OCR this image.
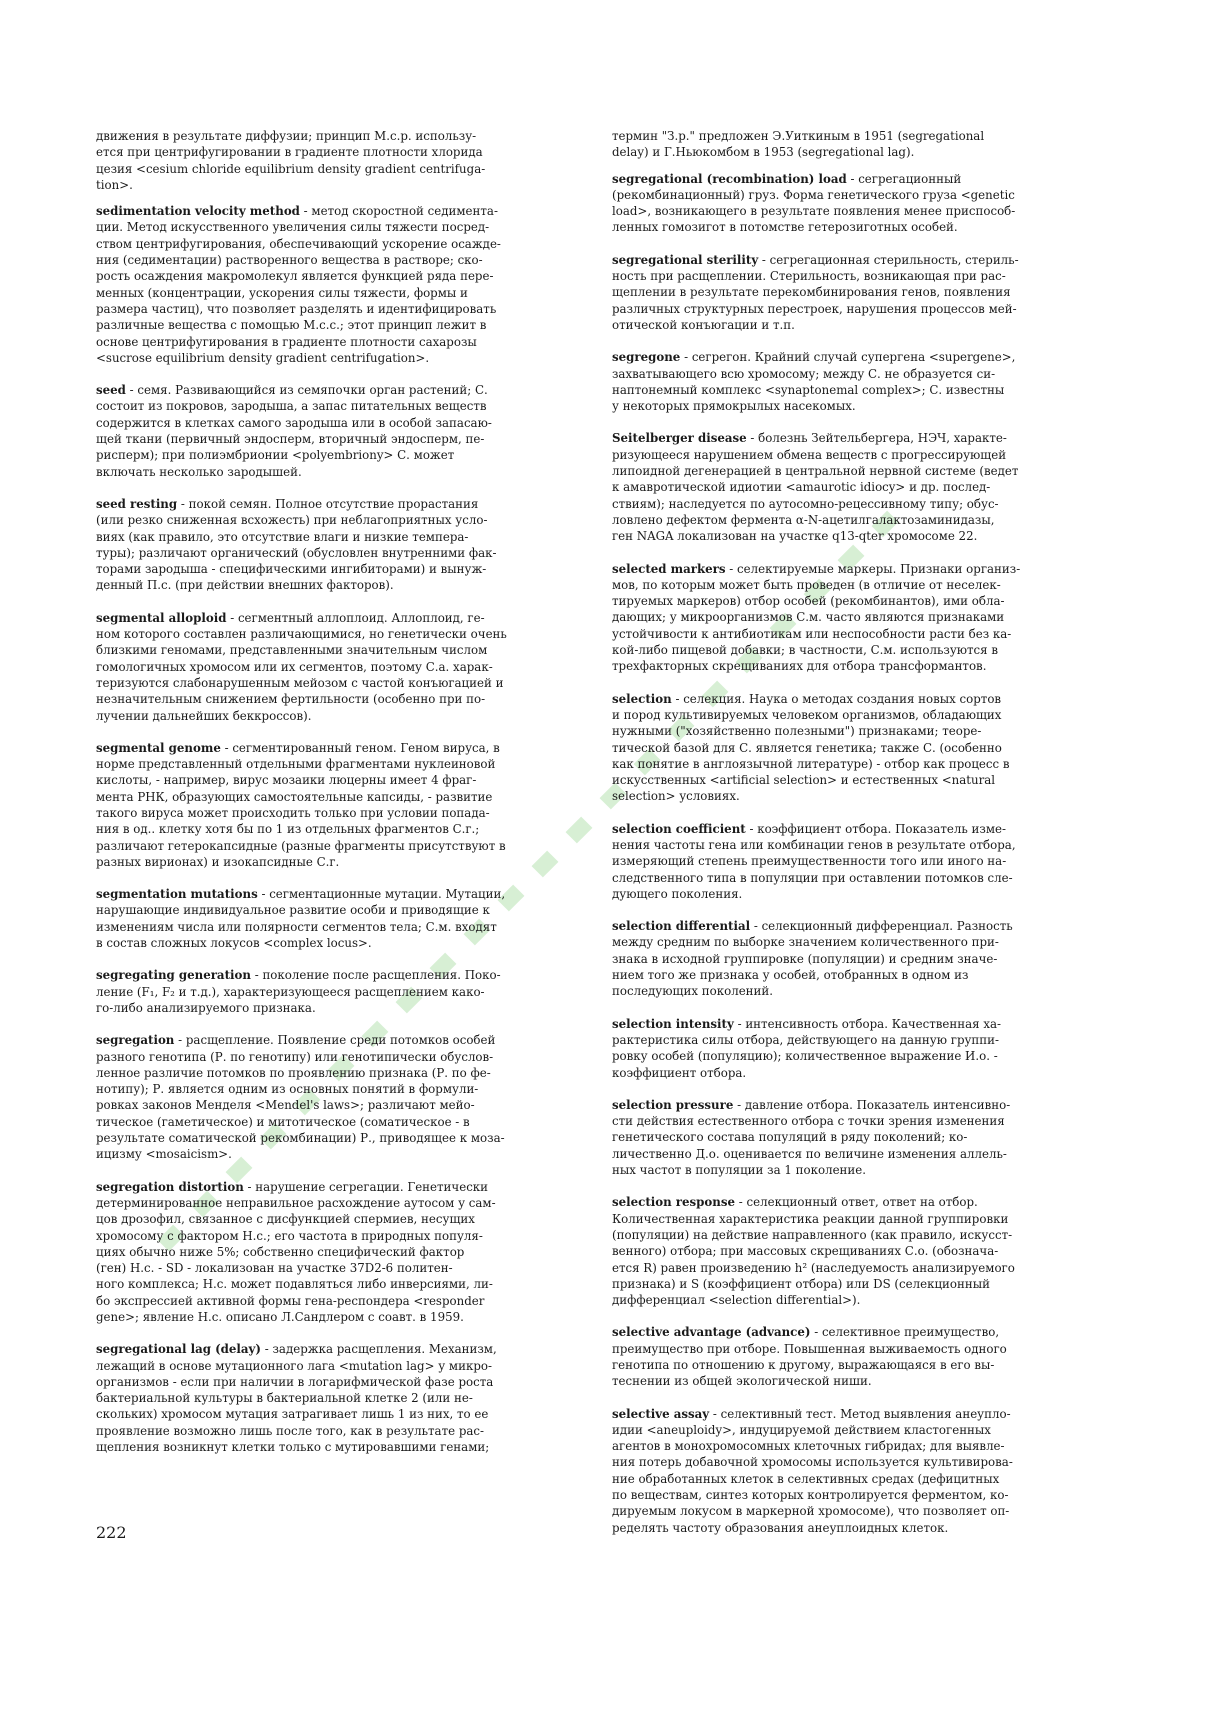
движения в результате диффузии; принцип М.с.р. использу-
ется при центрифугировании в градиенте плотности хлорида
цезия <cesium chloride equilibrium density gradient centrifuga-
tion>.
sedimentation velocity method - метод скоростной седимента-
ции. Метод искусственного увеличения силы тяжести посред-
ством центрифугирования, обеспечивающий ускорение осажде-
ния (седиментации) растворенного вещества в растворе; ско-
рость осаждения макромолекул является функцией ряда пере-
менных (концентрации, ускорения силы тяжести, формы и
размера частиц), что позволяет разделять и идентифицировать
различные вещества с помощью М.с.с.; этот принцип лежит в
основе центрифугирования в градиенте плотности сахарозы
<sucrose equilibrium density gradient centrifugation>.
seed - семя. Развивающийся из семяпочки орган растений; С.
состоит из покровов, зародыша, а запас питательных веществ
содержится в клетках самого зародыша или в особой запасаю-
щей ткани (первичный эндосперм, вторичный эндосперм, пе-
рисперм); при полиэмбрионии <polyembriony> С. может
включать несколько зародышей.
seed resting - покой семян. Полное отсутствие прорастания
(или резко сниженная всхожесть) при неблагоприятных усло-
виях (как правило, это отсутствие влаги и низкие темпера-
туры); различают органический (обусловлен внутренними фак-
торами зародыша - специфическими ингибиторами) и вынуж-
денный П.с. (при действии внешних факторов).
segmental alloploid - сегментный аллоплоид. Аллоплоид, ге-
ном которого составлен различающимися, но генетически очень
близкими геномами, представленными значительным числом
гомологичных хромосом или их сегментов, поэтому С.а. харак-
теризуются слабонарушенным мейозом с частой конъюгацией и
незначительным снижением фертильности (особенно при по-
лучении дальнейших беккроссов).
segmental genome - сегментированный геном. Геном вируса, в
норме представленный отдельными фрагментами нуклеиновой
кислоты, - например, вирус мозаики люцерны имеет 4 фраг-
мента РНК, образующих самостоятельные капсиды, - развитие
такого вируса может происходить только при условии попада-
ния в од.. клетку хотя бы по 1 из отдельных фрагментов С.г.;
различают гетерокапсидные (разные фрагменты присутствуют в
разных вирионах) и изокапсидные С.г.
segmentation mutations - сегментационные мутации. Мутации,
нарушающие индивидуальное развитие особи и приводящие к
изменениям числа или полярности сегментов тела; С.м. входят
в состав сложных локусов <complex locus>.
segregating generation - поколение после расщепления. Поко-
ление (F₁, F₂ и т.д.), характеризующееся расщеплением како-
го-либо анализируемого признака.
segregation - расщепление. Появление среди потомков особей
разного генотипа (Р. по генотипу) или генотипически обуслов-
ленное различие потомков по проявлению признака (Р. по фе-
нотипу); Р. является одним из основных понятий в формули-
ровках законов Менделя <Mendel's laws>; различают мейо-
тическое (гаметическое) и митотическое (соматическое - в
результате соматической рекомбинации) Р., приводящее к моза-
ицизму <mosaicism>.
segregation distortion - нарушение сегрегации. Генетически
детерминированное неправильное расхождение аутосом у сам-
цов дрозофил, связанное с дисфункцией спермиев, несущих
хромосому с фактором Н.с.; его частота в природных популя-
циях обычно ниже 5%; собственно специфический фактор
(ген) Н.с. - SD - локализован на участке 37D2-6 политен-
ного комплекса; Н.с. может подавляться либо инверсиями, ли-
бо экспрессией активной формы гена-респондера <responder
gene>; явление Н.с. описано Л.Сандлером с соавт. в 1959.
segregational lag (delay) - задержка расщепления. Механизм,
лежащий в основе мутационного лага <mutation lag> у микро-
организмов - если при наличии в логарифмической фазе роста
бактериальной культуры в бактериальной клетке 2 (или не-
скольких) хромосом мутация затрагивает лишь 1 из них, то ее
проявление возможно лишь после того, как в результате рас-
щепления возникнут клетки только с мутировавшими генами;
термин "З.р." предложен Э.Уиткиным в 1951 (segregational
delay) и Г.Ньюкомбом в 1953 (segregational lag).
segregational (recombination) load - сегрегационный
(рекомбинационный) груз. Форма генетического груза <genetic
load>, возникающего в результате появления менее приспособ-
ленных гомозигот в потомстве гетерозиготных особей.
segregational sterility - сегрегационная стерильность, стериль-
ность при расщеплении. Стерильность, возникающая при рас-
щеплении в результате перекомбинирования генов, появления
различных структурных перестроек, нарушения процессов мей-
отической конъюгации и т.п.
segregone - сегрегон. Крайний случай супергена <supergene>,
захватывающего всю хромосому; между С. не образуется си-
наптонемный комплекс <synaptonemal complex>; С. известны
у некоторых прямокрылых насекомых.
Seitelberger disease - болезнь Зейтельбергера, НЭЧ, характе-
ризующееся нарушением обмена веществ с прогрессирующей
липоидной дегенерацией в центральной нервной системе (ведет
к амавротической идиотии <amaurotic idiocy> и др. послед-
ствиям); наследуется по аутосомно-рецессивному типу; обус-
ловлено дефектом фермента α-N-ацетилгалактозаминидазы,
ген NAGA локализован на участке q13-qter хромосоме 22.
selected markers - селектируемые маркеры. Признаки организ-
мов, по которым может быть проведен (в отличие от неселек-
тируемых маркеров) отбор особей (рекомбинантов), ими обла-
дающих; у микроорганизмов С.м. часто являются признаками
устойчивости к антибиотикам или неспособности расти без ка-
кой-либо пищевой добавки; в частности, С.м. используются в
трехфакторных скрещиваниях для отбора трансформантов.
selection - селекция. Наука о методах создания новых сортов
и пород культивируемых человеком организмов, обладающих
нужными ("хозяйственно полезными") признаками; теоре-
тической базой для С. является генетика; также С. (особенно
как понятие в англоязычной литературе) - отбор как процесс в
искусственных <artificial selection> и естественных <natural
selection> условиях.
selection coefficient - коэффициент отбора. Показатель изме-
нения частоты гена или комбинации генов в результате отбора,
измеряющий степень преимущественности того или иного на-
следственного типа в популяции при оставлении потомков сле-
дующего поколения.
selection differential - селекционный дифференциал. Разность
между средним по выборке значением количественного при-
знака в исходной группировке (популяции) и средним значе-
нием того же признака у особей, отобранных в одном из
последующих поколений.
selection intensity - интенсивность отбора. Качественная ха-
рактеристика силы отбора, действующего на данную группи-
ровку особей (популяцию); количественное выражение И.о. -
коэффициент отбора.
selection pressure - давление отбора. Показатель интенсивно-
сти действия естественного отбора с точки зрения изменения
генетического состава популяций в ряду поколений; ко-
личественно Д.о. оценивается по величине изменения аллель-
ных частот в популяции за 1 поколение.
selection response - селекционный ответ, ответ на отбор.
Количественная характеристика реакции данной группировки
(популяции) на действие направленного (как правило, искусст-
венного) отбора; при массовых скрещиваниях С.о. (обознача-
ется R) равен произведению h² (наследуемость анализируемого
признака) и S (коэффициент отбора) или DS (селекционный
дифференциал <selection differential>).
selective advantage (advance) - селективное преимущество,
преимущество при отборе. Повышенная выживаемость одного
генотипа по отношению к другому, выражающаяся в его вы-
теснении из общей экологической ниши.
selective assay - селективный тест. Метод выявления анеупло-
идии <aneuploidy>, индуцируемой действием кластогенных
агентов в монохромосомных клеточных гибридах; для выявле-
ния потерь добавочной хромосомы используется культивирова-
ние обработанных клеток в селективных средах (дефицитных
по веществам, синтез которых контролируется ферментом, ко-
дируемым локусом в маркерной хромосоме), что позволяет оп-
ределять частоту образования анеуплоидных клеток.
222
